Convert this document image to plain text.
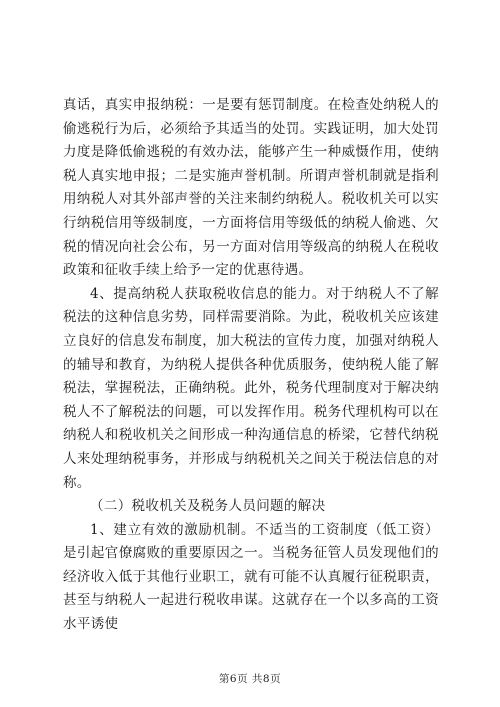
真话，真实申报纳税：一是要有惩罚制度。在检查处纳税人的偷逃税行为后，必须给予其适当的处罚。实践证明，加大处罚力度是降低偷逃税的有效办法，能够产生一种威慑作用，使纳税人真实地申报；二是实施声誉机制。所谓声誉机制就是指利用纳税人对其外部声誉的关注来制约纳税人。税收机关可以实行纳税信用等级制度，一方面将信用等级低的纳税人偷逃、欠税的情况向社会公布，另一方面对信用等级高的纳税人在税收政策和征收手续上给予一定的优惠待遇。

4、提高纳税人获取税收信息的能力。对于纳税人不了解税法的这种信息劣势，同样需要消除。为此，税收机关应该建立良好的信息发布制度，加大税法的宣传力度，加强对纳税人的辅导和教育，为纳税人提供各种优质服务，使纳税人能了解税法，掌握税法，正确纳税。此外，税务代理制度对于解决纳税人不了解税法的问题，可以发挥作用。税务代理机构可以在纳税人和税收机关之间形成一种沟通信息的桥梁，它替代纳税人来处理纳税事务，并形成与纳税机关之间关于税法信息的对称。

（二）税收机关及税务人员问题的解决

1、建立有效的激励机制。不适当的工资制度（低工资）是引起官僚腐败的重要原因之一。当税务征管人员发现他们的经济收入低于其他行业职工，就有可能不认真履行征税职责，甚至与纳税人一起进行税收串谋。这就存在一个以多高的工资水平诱使

第6页 共8页
